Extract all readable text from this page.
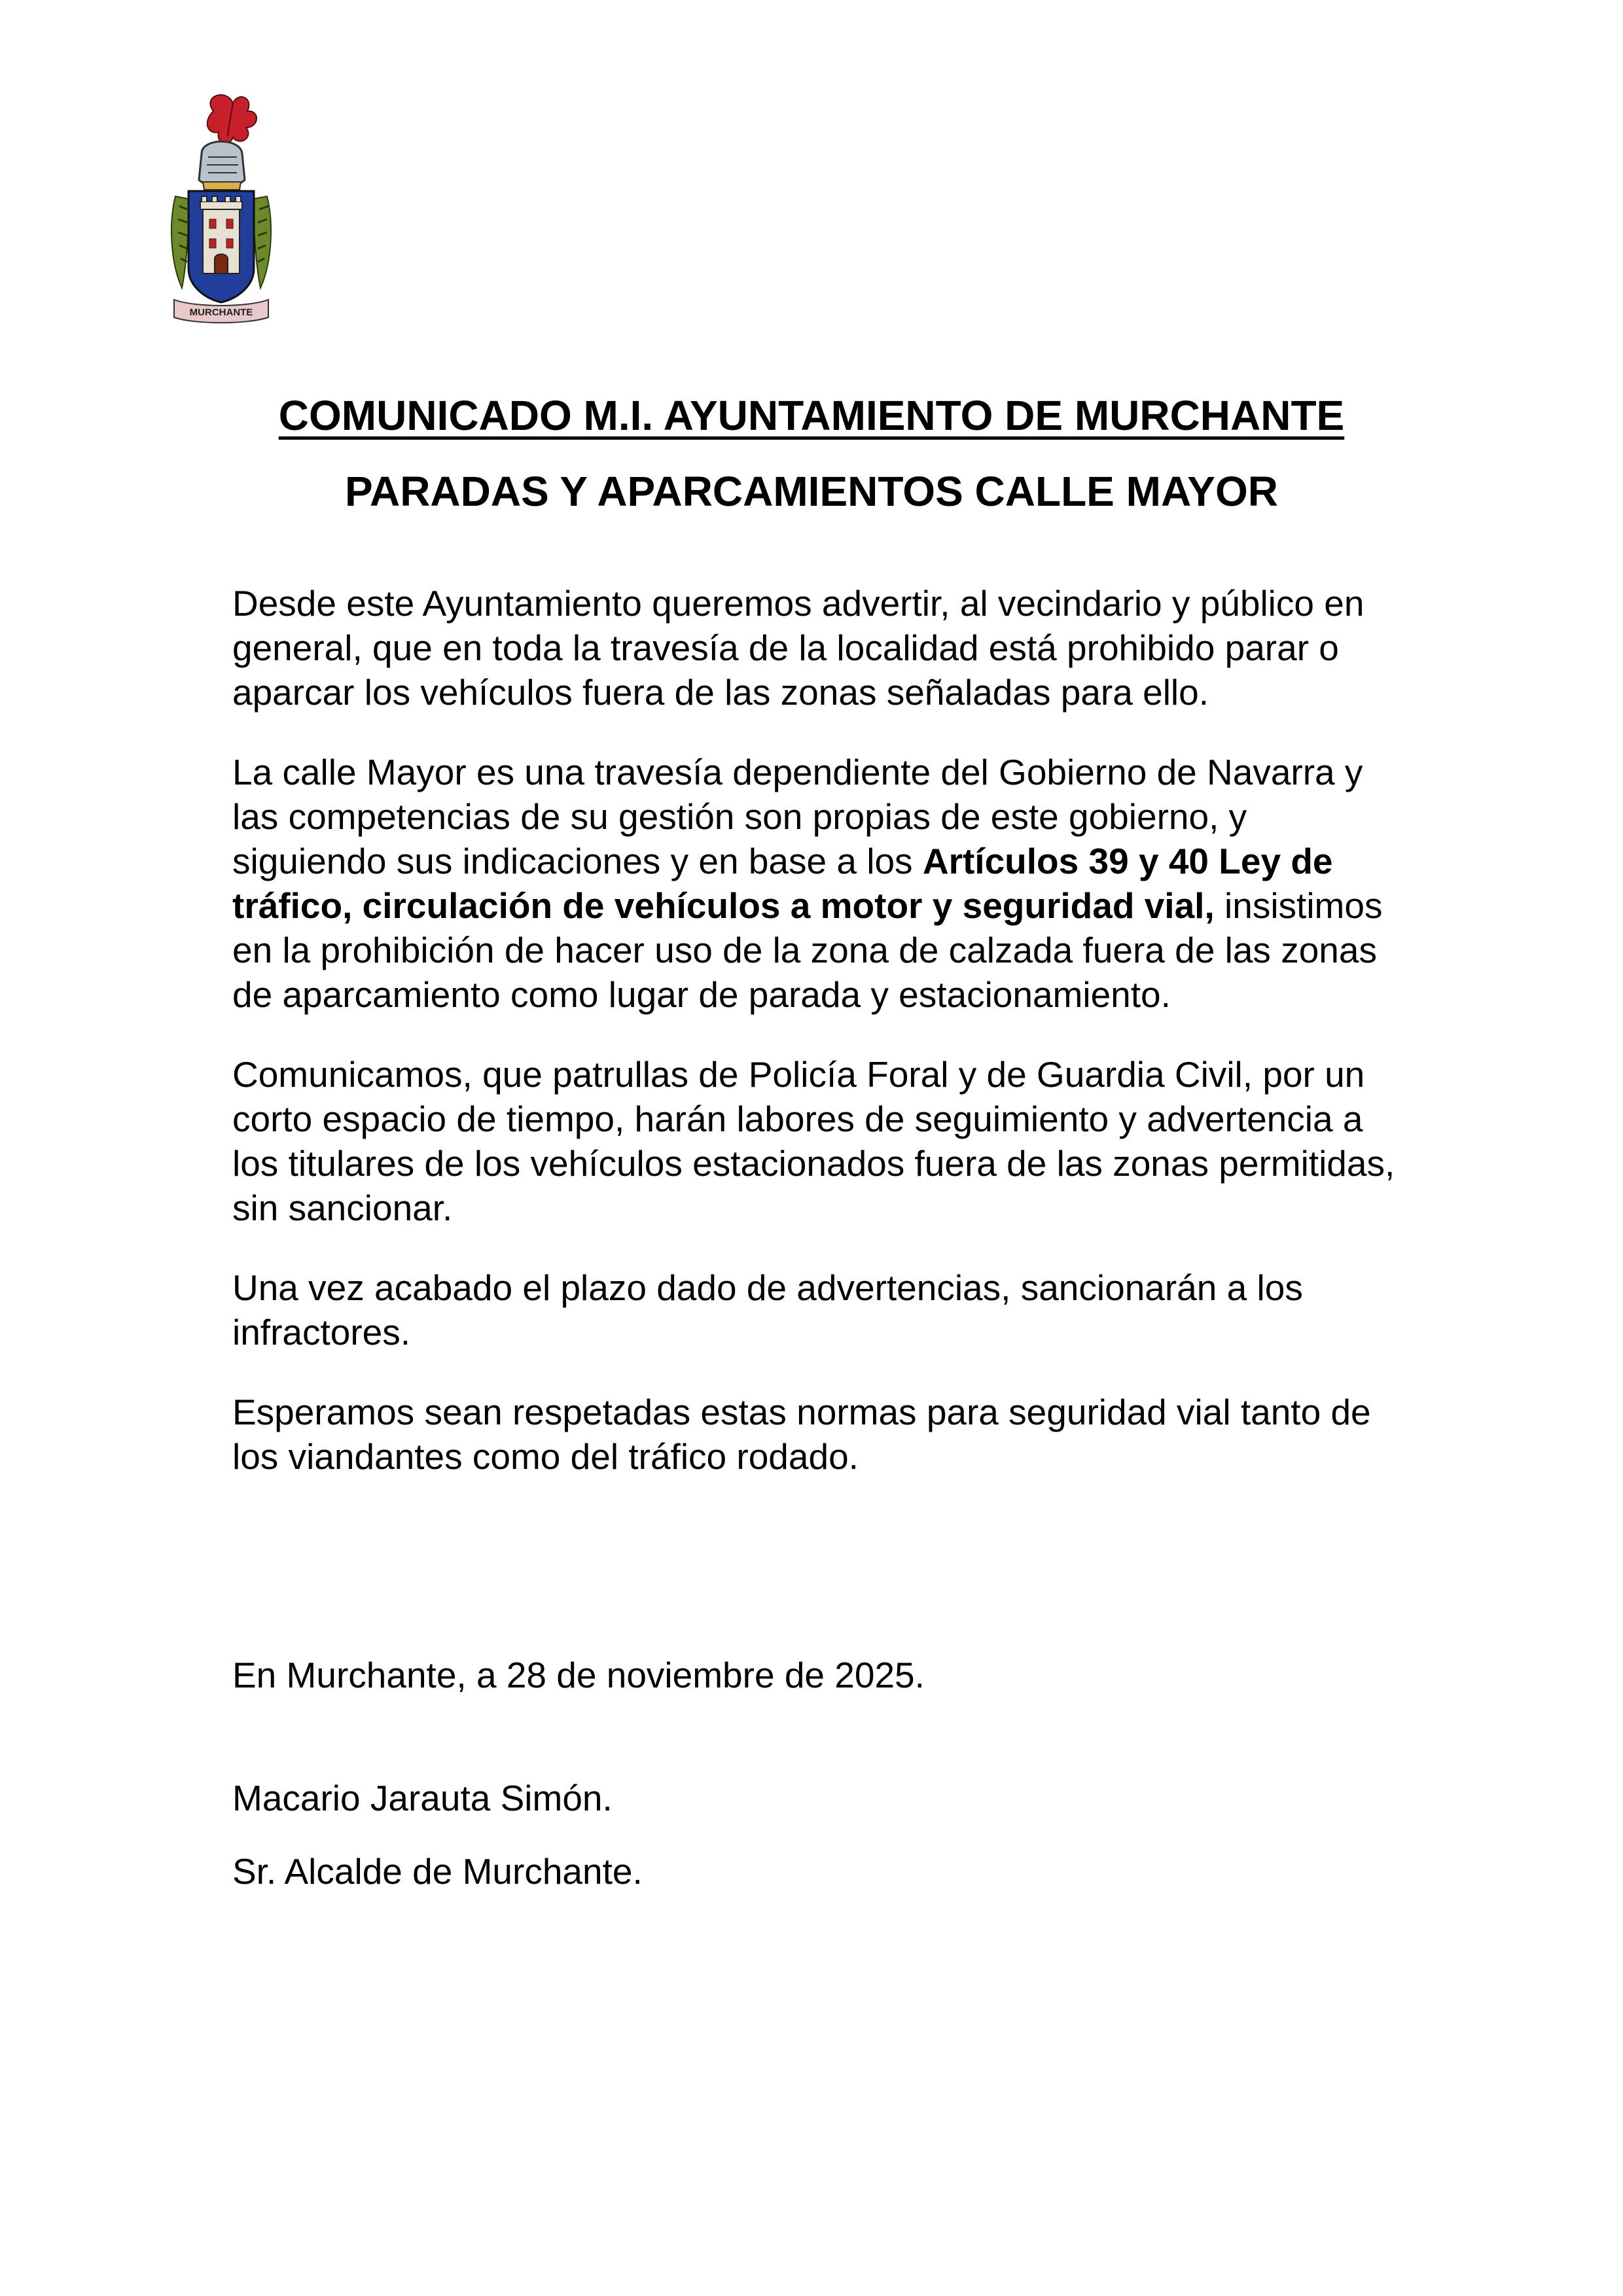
MURCHANTE
COMUNICADO M.I. AYUNTAMIENTO DE MURCHANTE
PARADAS Y APARCAMIENTOS CALLE MAYOR

Desde este Ayuntamiento queremos advertir, al vecindario y público en general, que en toda la travesía de la localidad está prohibido parar o aparcar los vehículos fuera de las zonas señaladas para ello.

La calle Mayor es una travesía dependiente del Gobierno de Navarra y las competencias de su gestión son propias de este gobierno, y siguiendo sus indicaciones y en base a los Artículos 39 y 40 Ley de tráfico, circulación de vehículos a motor y seguridad vial, insistimos en la prohibición de hacer uso de la zona de calzada fuera de las zonas de aparcamiento como lugar de parada y estacionamiento.

Comunicamos, que patrullas de Policía Foral y de Guardia Civil, por un corto espacio de tiempo, harán labores de seguimiento y advertencia a los titulares de los vehículos estacionados fuera de las zonas permitidas, sin sancionar.

Una vez acabado el plazo dado de advertencias, sancionarán a los infractores.

Esperamos sean respetadas estas normas para seguridad vial tanto de los viandantes como del tráfico rodado.

En Murchante, a 28 de noviembre de 2025.
Macario Jarauta Simón.
Sr. Alcalde de Murchante.
